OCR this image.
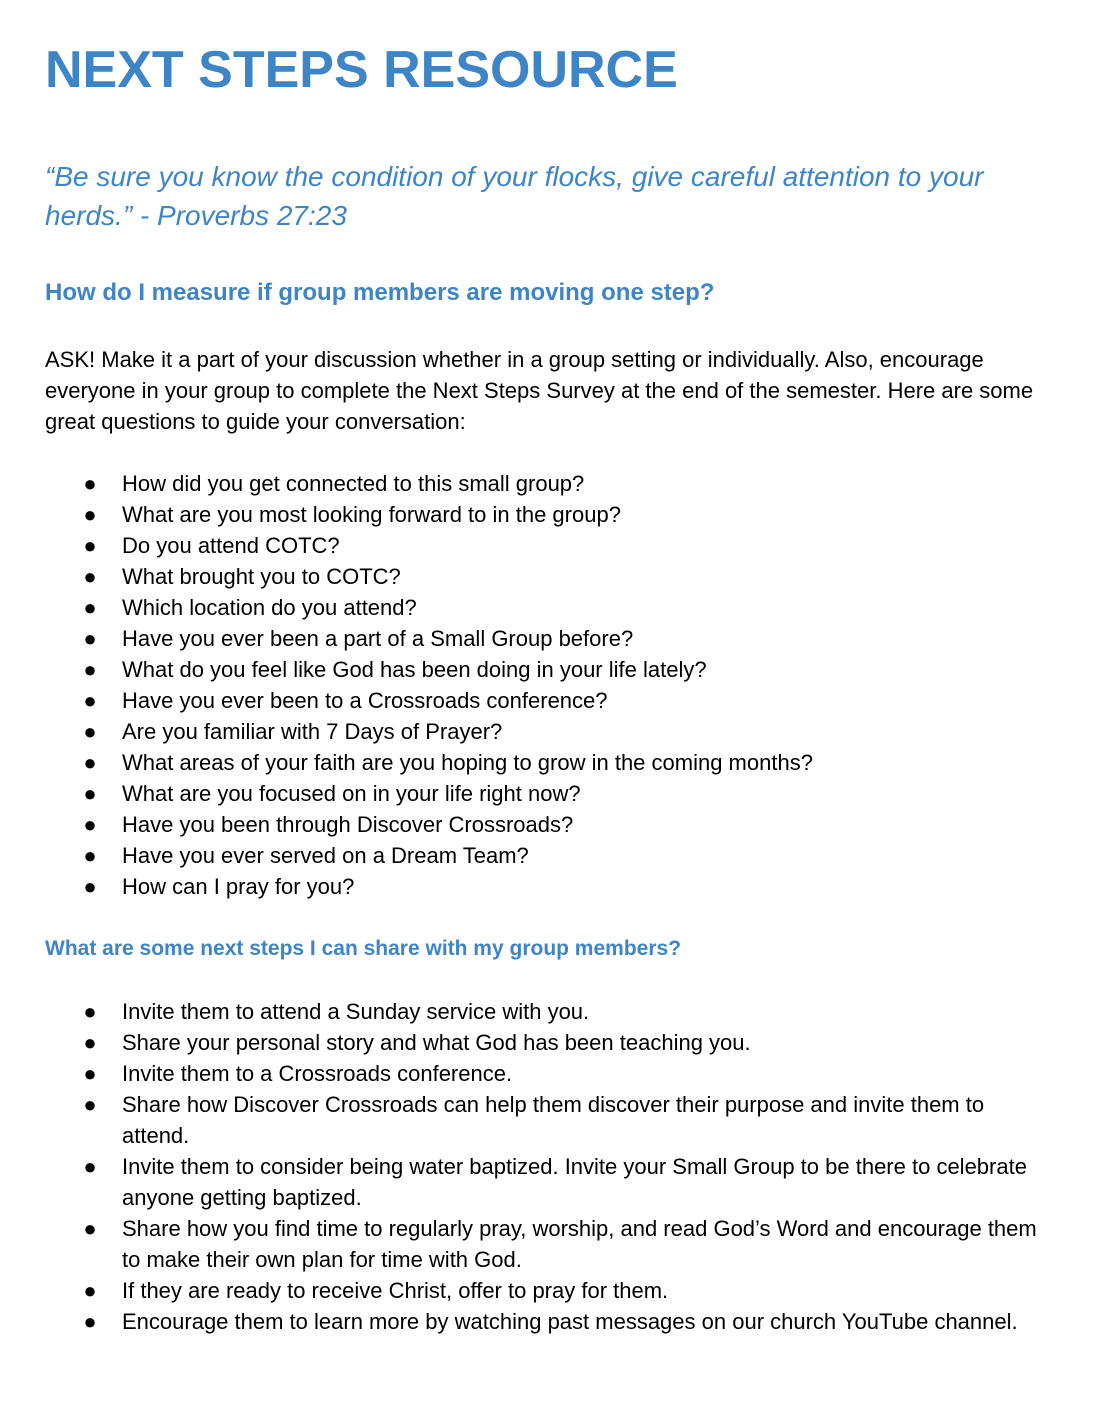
NEXT STEPS RESOURCE

“Be sure you know the condition of your flocks, give careful attention to your herds.” - Proverbs 27:23

How do I measure if group members are moving one step?

ASK! Make it a part of your discussion whether in a group setting or individually. Also, encourage everyone in your group to complete the Next Steps Survey at the end of the semester. Here are some great questions to guide your conversation:

● How did you get connected to this small group?
● What are you most looking forward to in the group?
● Do you attend COTC?
● What brought you to COTC?
● Which location do you attend?
● Have you ever been a part of a Small Group before?
● What do you feel like God has been doing in your life lately?
● Have you ever been to a Crossroads conference?
● Are you familiar with 7 Days of Prayer?
● What areas of your faith are you hoping to grow in the coming months?
● What are you focused on in your life right now?
● Have you been through Discover Crossroads?
● Have you ever served on a Dream Team?
● How can I pray for you?
What are some next steps I can share with my group members?
● Invite them to attend a Sunday service with you.
● Share your personal story and what God has been teaching you.
● Invite them to a Crossroads conference.
● Share how Discover Crossroads can help them discover their purpose and invite them to attend.
● Invite them to consider being water baptized. Invite your Small Group to be there to celebrate anyone getting baptized.
● Share how you find time to regularly pray, worship, and read God’s Word and encourage them to make their own plan for time with God.
● If they are ready to receive Christ, offer to pray for them.
● Encourage them to learn more by watching past messages on our church YouTube channel.
